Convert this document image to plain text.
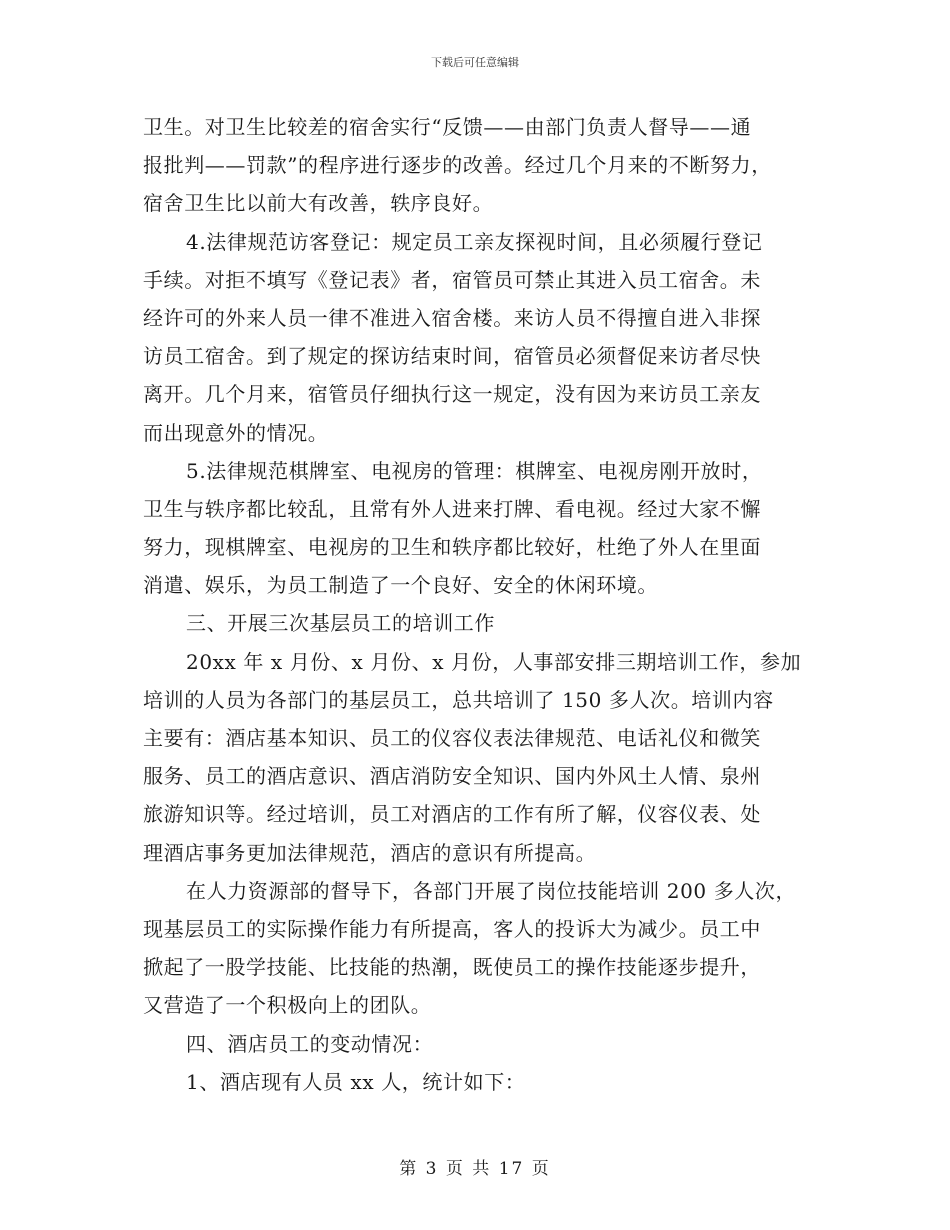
下载后可任意编辑
卫生。对卫生比较差的宿舍实行“反馈——由部门负责人督导——通
报批判——罚款”的程序进行逐步的改善。经过几个月来的不断努力，
宿舍卫生比以前大有改善，轶序良好。
4.法律规范访客登记：规定员工亲友探视时间，且必须履行登记
手续。对拒不填写《登记表》者，宿管员可禁止其进入员工宿舍。未
经许可的外来人员一律不准进入宿舍楼。来访人员不得擅自进入非探
访员工宿舍。到了规定的探访结束时间，宿管员必须督促来访者尽快
离开。几个月来，宿管员仔细执行这一规定，没有因为来访员工亲友
而出现意外的情况。
5.法律规范棋牌室、电视房的管理：棋牌室、电视房刚开放时，
卫生与轶序都比较乱，且常有外人进来打牌、看电视。经过大家不懈
努力，现棋牌室、电视房的卫生和轶序都比较好，杜绝了外人在里面
消遣、娱乐，为员工制造了一个良好、安全的休闲环境。
三、开展三次基层员工的培训工作
20xx 年 x 月份、x 月份、x 月份，人事部安排三期培训工作，参加
培训的人员为各部门的基层员工，总共培训了 150 多人次。培训内容
主要有：酒店基本知识、员工的仪容仪表法律规范、电话礼仪和微笑
服务、员工的酒店意识、酒店消防安全知识、国内外风土人情、泉州
旅游知识等。经过培训，员工对酒店的工作有所了解，仪容仪表、处
理酒店事务更加法律规范，酒店的意识有所提高。
在人力资源部的督导下，各部门开展了岗位技能培训 200 多人次，
现基层员工的实际操作能力有所提高，客人的投诉大为减少。员工中
掀起了一股学技能、比技能的热潮，既使员工的操作技能逐步提升，
又营造了一个积极向上的团队。
四、酒店员工的变动情况：
1、酒店现有人员 xx 人，统计如下：
第 3 页 共 17 页
